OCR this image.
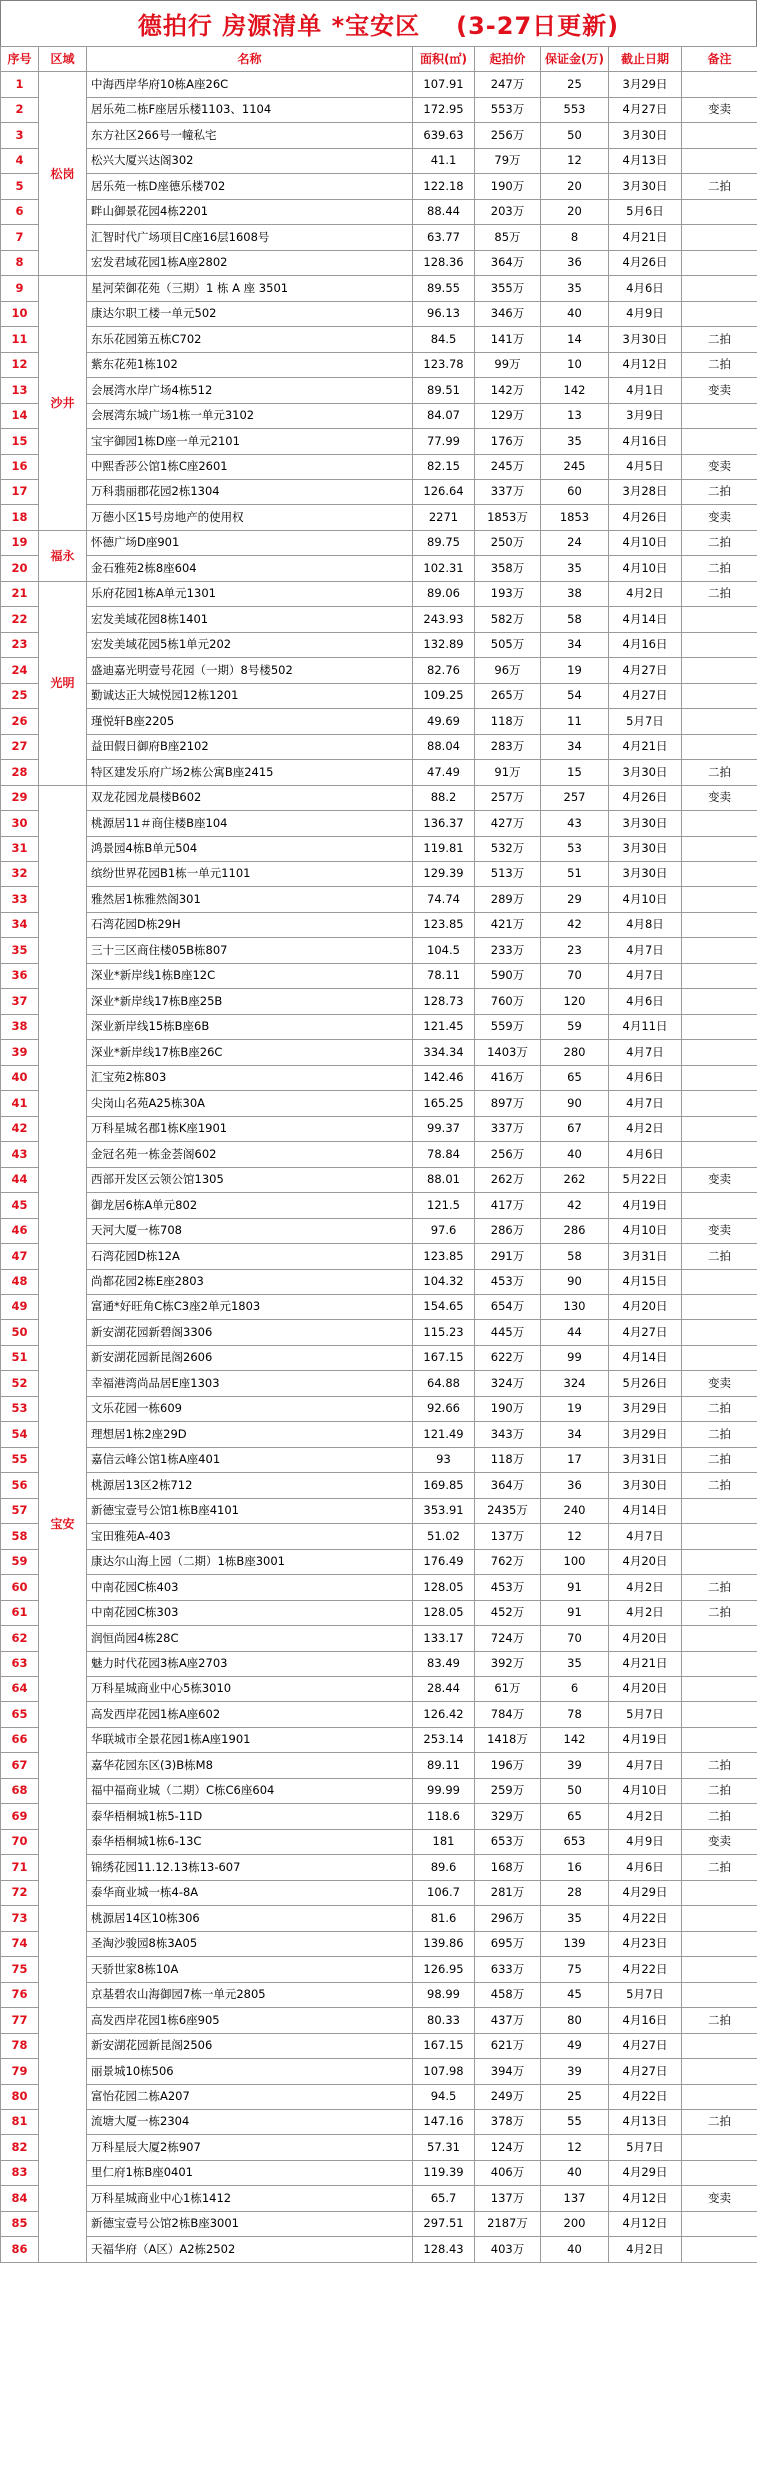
德拍行 房源清单 *宝安区 (3-27日更新)
序号	区域	名称	面积(㎡)	起拍价	保证金(万)	截止日期	备注
1	松岗	中海西岸华府10栋A座26C	107.91	247万	25	3月29日	
2		居乐苑二栋F座居乐楼1103、1104	172.95	553万	553	4月27日	变卖
3		东方社区266号一幢私宅	639.63	256万	50	3月30日	
4		松兴大厦兴达阁302	41.1	79万	12	4月13日	
5		居乐苑一栋D座德乐楼702	122.18	190万	20	3月30日	二拍
6		畔山御景花园4栋2201	88.44	203万	20	5月6日	
7		汇智时代广场项目C座16层1608号	63.77	85万	8	4月21日	
8		宏发君域花园1栋A座2802	128.36	364万	36	4月26日	
9	沙井	星河荣御花苑（三期）1 栋 A 座 3501	89.55	355万	35	4月6日	
10		康达尔职工楼一单元502	96.13	346万	40	4月9日	
11		东乐花园第五栋C702	84.5	141万	14	3月30日	二拍
12		紫东花苑1栋102	123.78	99万	10	4月12日	二拍
13		会展湾水岸广场4栋512	89.51	142万	142	4月1日	变卖
14		会展湾东城广场1栋一单元3102	84.07	129万	13	3月9日	
15		宝宇御园1栋D座一单元2101	77.99	176万	35	4月16日	
16		中熙香莎公馆1栋C座2601	82.15	245万	245	4月5日	变卖
17		万科翡丽郡花园2栋1304	126.64	337万	60	3月28日	二拍
18		万德小区15号房地产的使用权	2271	1853万	1853	4月26日	变卖
19	福永	怀德广场D座901	89.75	250万	24	4月10日	二拍
20		金石雅苑2栋8座604	102.31	358万	35	4月10日	二拍
21	光明	乐府花园1栋A单元1301	89.06	193万	38	4月2日	二拍
22		宏发美域花园8栋1401	243.93	582万	58	4月14日	
23		宏发美域花园5栋1单元202	132.89	505万	34	4月16日	
24		盛迪嘉光明壹号花园（一期）8号楼502	82.76	96万	19	4月27日	
25		勤诚达正大城悦园12栋1201	109.25	265万	54	4月27日	
26		瑾悦轩B座2205	49.69	118万	11	5月7日	
27		益田假日御府B座2102	88.04	283万	34	4月21日	
28		特区建发乐府广场2栋公寓B座2415	47.49	91万	15	3月30日	二拍
29	宝安	双龙花园龙晨楼B602	88.2	257万	257	4月26日	变卖
30		桃源居11＃商住楼B座104	136.37	427万	43	3月30日	
31		鸿景园4栋B单元504	119.81	532万	53	3月30日	
32		缤纷世界花园B1栋一单元1101	129.39	513万	51	3月30日	
33		雅然居1栋雅然阁301	74.74	289万	29	4月10日	
34		石湾花园D栋29H	123.85	421万	42	4月8日	
35		三十三区商住楼05B栋807	104.5	233万	23	4月7日	
36		深业*新岸线1栋B座12C	78.11	590万	70	4月7日	
37		深业*新岸线17栋B座25B	128.73	760万	120	4月6日	
38		深业新岸线15栋B座6B	121.45	559万	59	4月11日	
39		深业*新岸线17栋B座26C	334.34	1403万	280	4月7日	
40		汇宝苑2栋803	142.46	416万	65	4月6日	
41		尖岗山名苑A25栋30A	165.25	897万	90	4月7日	
42		万科星城名郡1栋K座1901	99.37	337万	67	4月2日	
43		金冠名苑一栋金荟阁602	78.84	256万	40	4月6日	
44		西部开发区云领公馆1305	88.01	262万	262	5月22日	变卖
45		御龙居6栋A单元802	121.5	417万	42	4月19日	
46		天河大厦一栋708	97.6	286万	286	4月10日	变卖
47		石湾花园D栋12A	123.85	291万	58	3月31日	二拍
48		尚都花园2栋E座2803	104.32	453万	90	4月15日	
49		富通*好旺角C栋C3座2单元1803	154.65	654万	130	4月20日	
50		新安湖花园新碧阁3306	115.23	445万	44	4月27日	
51		新安湖花园新昆阁2606	167.15	622万	99	4月14日	
52		幸福港湾尚品居E座1303	64.88	324万	324	5月26日	变卖
53		文乐花园一栋609	92.66	190万	19	3月29日	二拍
54		理想居1栋2座29D	121.49	343万	34	3月29日	二拍
55		嘉信云峰公馆1栋A座401	93	118万	17	3月31日	二拍
56		桃源居13区2栋712	169.85	364万	36	3月30日	二拍
57		新德宝壹号公馆1栋B座4101	353.91	2435万	240	4月14日	
58		宝田雅苑A-403	51.02	137万	12	4月7日	
59		康达尔山海上园（二期）1栋B座3001	176.49	762万	100	4月20日	
60		中南花园C栋403	128.05	453万	91	4月2日	二拍
61		中南花园C栋303	128.05	452万	91	4月2日	二拍
62		润恒尚园4栋28C	133.17	724万	70	4月20日	
63		魅力时代花园3栋A座2703	83.49	392万	35	4月21日	
64		万科星城商业中心5栋3010	28.44	61万	6	4月20日	
65		高发西岸花园1栋A座602	126.42	784万	78	5月7日	
66		华联城市全景花园1栋A座1901	253.14	1418万	142	4月19日	
67		嘉华花园东区(3)B栋M8	89.11	196万	39	4月7日	二拍
68		福中福商业城（二期）C栋C6座604	99.99	259万	50	4月10日	二拍
69		泰华梧桐城1栋5-11D	118.6	329万	65	4月2日	二拍
70		泰华梧桐城1栋6-13C	181	653万	653	4月9日	变卖
71		锦绣花园11.12.13栋13-607	89.6	168万	16	4月6日	二拍
72		泰华商业城一栋4-8A	106.7	281万	28	4月29日	
73		桃源居14区10栋306	81.6	296万	35	4月22日	
74		圣淘沙骏园8栋3A05	139.86	695万	139	4月23日	
75		天骄世家8栋10A	126.95	633万	75	4月22日	
76		京基碧农山海御园7栋一单元2805	98.99	458万	45	5月7日	
77		高发西岸花园1栋6座905	80.33	437万	80	4月16日	二拍
78		新安湖花园新昆阁2506	167.15	621万	49	4月27日	
79		丽景城10栋506	107.98	394万	39	4月27日	
80		富怡花园二栋A207	94.5	249万	25	4月22日	
81		流塘大厦一栋2304	147.16	378万	55	4月13日	二拍
82		万科星辰大厦2栋907	57.31	124万	12	5月7日	
83		里仁府1栋B座0401	119.39	406万	40	4月29日	
84		万科星城商业中心1栋1412	65.7	137万	137	4月12日	变卖
85		新德宝壹号公馆2栋B座3001	297.51	2187万	200	4月12日	
86		天福华府（A区）A2栋2502	128.43	403万	40	4月2日	
